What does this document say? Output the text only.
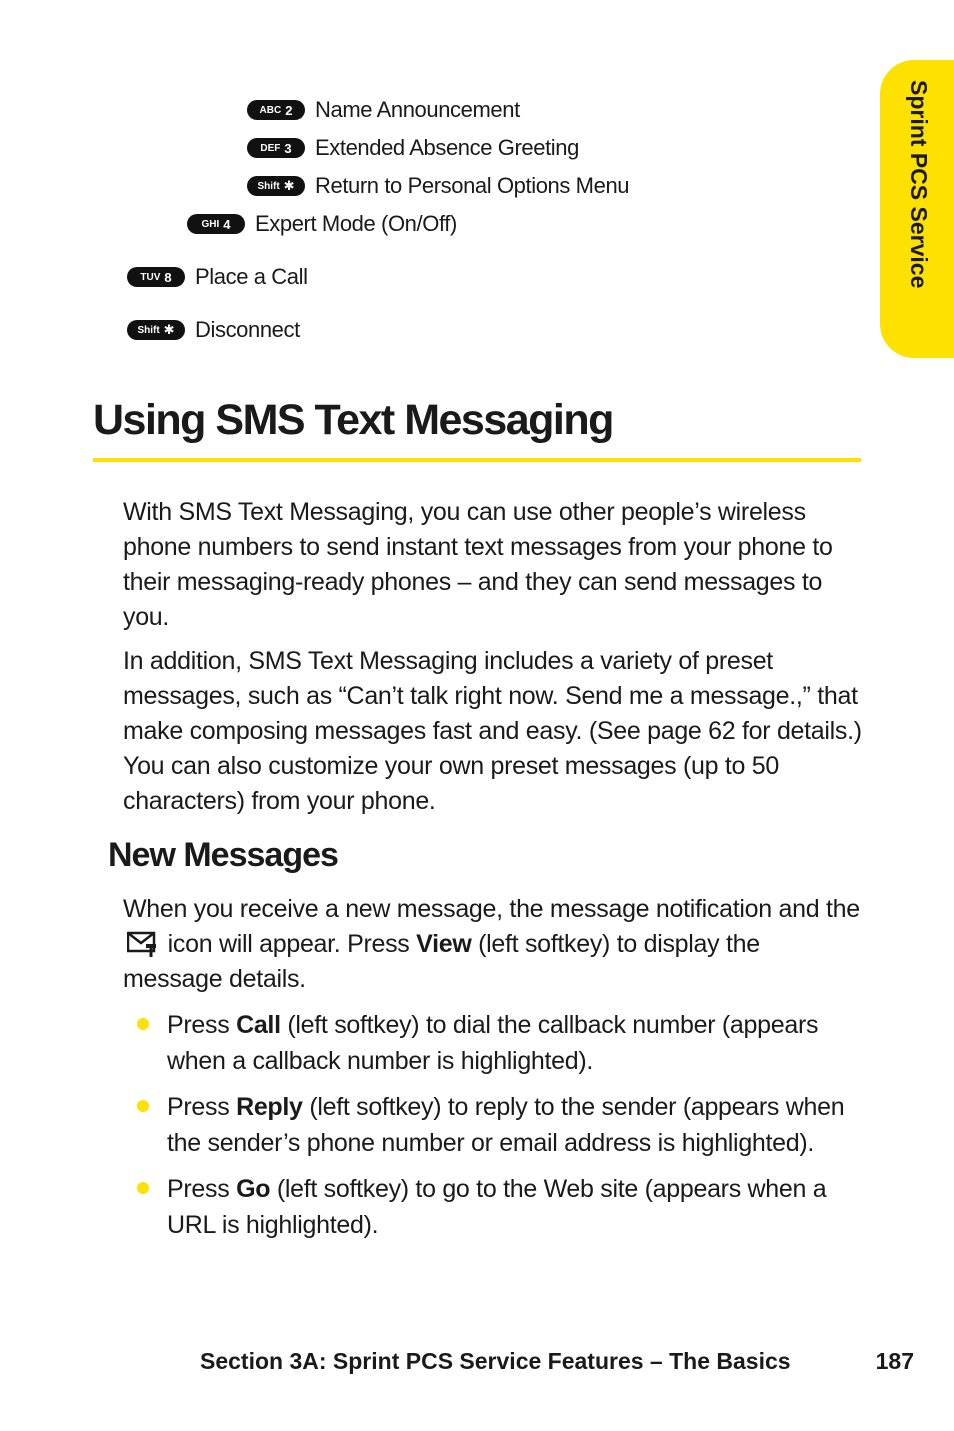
ABC 2 Name Announcement
DEF 3 Extended Absence Greeting
Shift ✱ Return to Personal Options Menu
GHI 4 Expert Mode (On/Off)
TUV 8 Place a Call
Shift ✱ Disconnect
Sprint PCS Service
Using SMS Text Messaging

With SMS Text Messaging, you can use other people’s wireless phone numbers to send instant text messages from your phone to their messaging-ready phones – and they can send messages to you.

In addition, SMS Text Messaging includes a variety of preset messages, such as “Can’t talk right now. Send me a message.,” that make composing messages fast and easy. (See page 62 for details.) You can also customize your own preset messages (up to 50 characters) from your phone.

New Messages

When you receive a new message, the message notification and the  icon will appear. Press View (left softkey) to display the message details.

Press Call (left softkey) to dial the callback number (appears when a callback number is highlighted).
Press Reply (left softkey) to reply to the sender (appears when the sender’s phone number or email address is highlighted).
Press Go (left softkey) to go to the Web site (appears when a URL is highlighted).
Section 3A: Sprint PCS Service Features – The Basics	187
